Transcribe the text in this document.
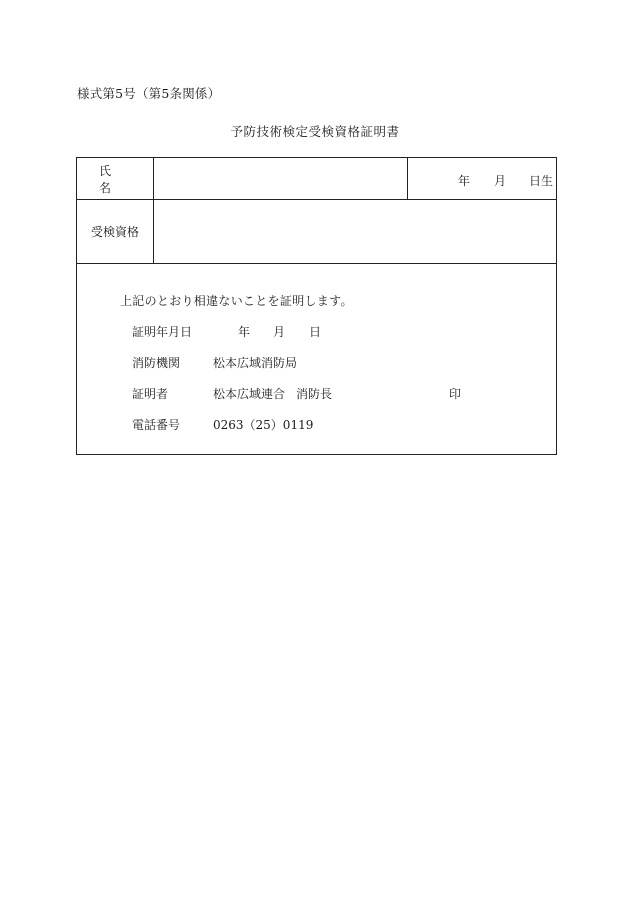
様式第5号（第5条関係）
予防技術検定受検資格証明書
氏名	年 月 日生
受検資格
上記のとおり相違ないことを証明します。
証明年月日	年 月 日
消防機関	松本広域消防局
証明者	松本広域連合 消防長	印
電話番号	0263（25）0119
